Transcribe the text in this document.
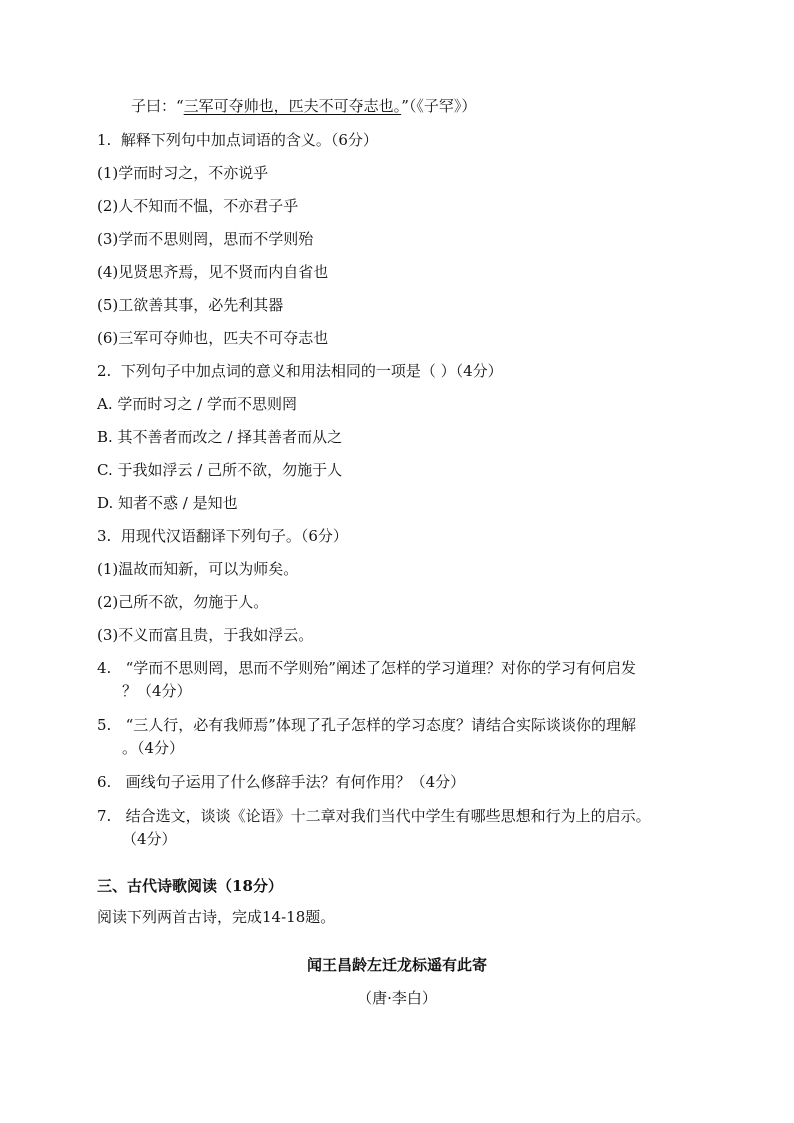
子曰：“三军可夺帅也，匹夫不可夺志也。”（《子罕》）
1. 解释下列句中加点词语的含义。（6分）
(1)学而时习之，不亦说乎
(2)人不知而不愠，不亦君子乎
(3)学而不思则罔，思而不学则殆
(4)见贤思齐焉，见不贤而内自省也
(5)工欲善其事，必先利其器
(6)三军可夺帅也，匹夫不可夺志也
2. 下列句子中加点词的意义和用法相同的一项是（ ）（4分）
A. 学而时习之 / 学而不思则罔
B. 其不善者而改之 / 择其善者而从之
C. 于我如浮云 / 己所不欲，勿施于人
D. 知者不惑 / 是知也
3. 用现代汉语翻译下列句子。（6分）
(1)温故而知新，可以为师矣。
(2)己所不欲，勿施于人。
(3)不义而富且贵，于我如浮云。
4. “学而不思则罔，思而不学则殆”阐述了怎样的学习道理？对你的学习有何启发
？（4分）
5. “三人行，必有我师焉”体现了孔子怎样的学习态度？请结合实际谈谈你的理解
。（4分）
6. 画线句子运用了什么修辞手法？有何作用？（4分）
7. 结合选文，谈谈《论语》十二章对我们当代中学生有哪些思想和行为上的启示。
（4分）
三、古代诗歌阅读（18分）
阅读下列两首古诗，完成14-18题。
闻王昌龄左迁龙标遥有此寄
（唐·李白）
